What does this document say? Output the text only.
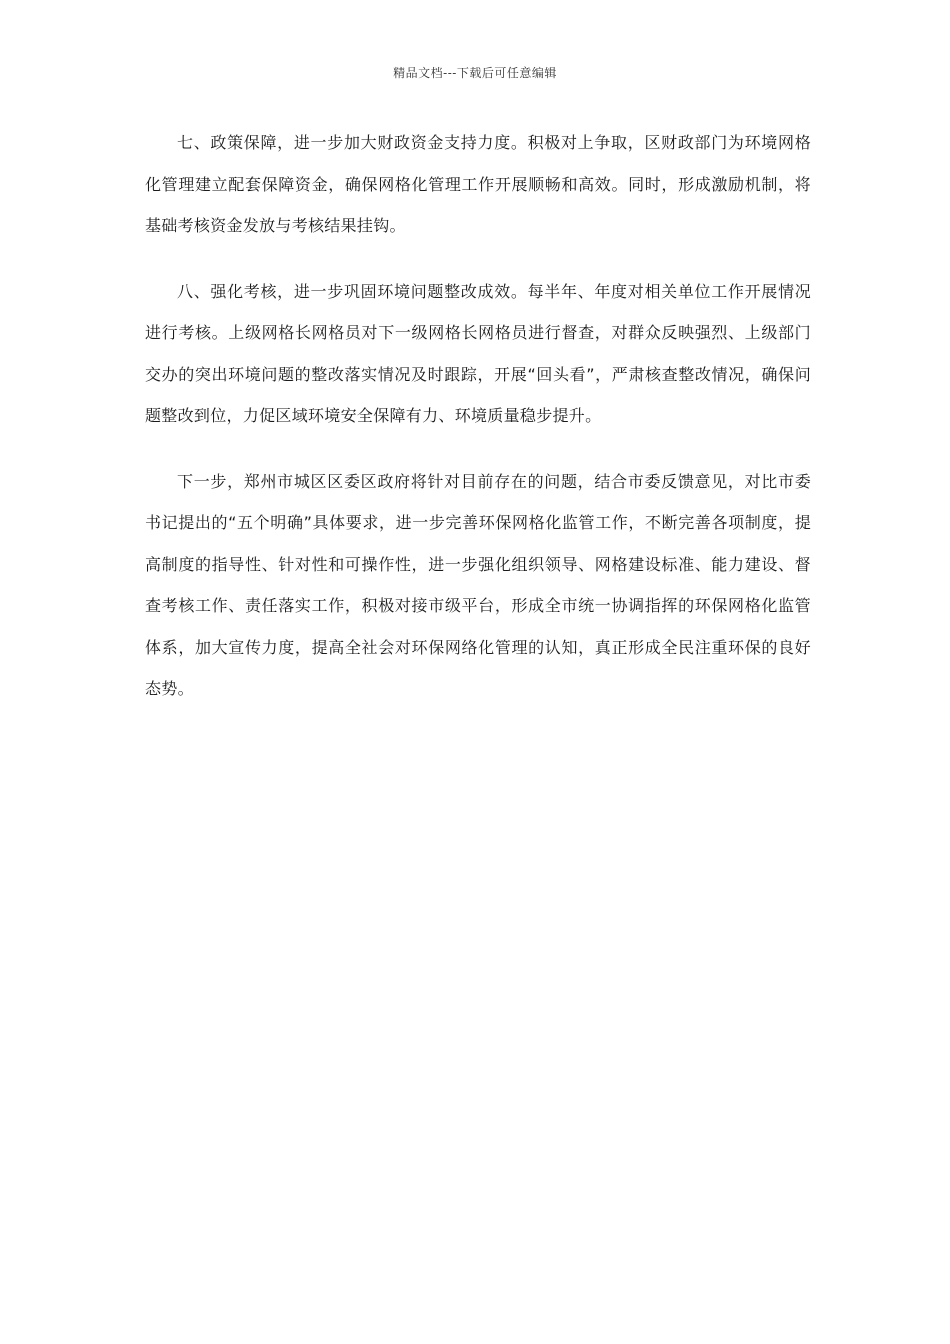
精品文档---下载后可任意编辑

七、政策保障，进一步加大财政资金支持力度。积极对上争取，区财政部门为环境网格化管理建立配套保障资金，确保网格化管理工作开展顺畅和高效。同时，形成激励机制，将基础考核资金发放与考核结果挂钩。

八、强化考核，进一步巩固环境问题整改成效。每半年、年度对相关单位工作开展情况进行考核。上级网格长网格员对下一级网格长网格员进行督查，对群众反映强烈、上级部门交办的突出环境问题的整改落实情况及时跟踪，开展“回头看”，严肃核查整改情况，确保问题整改到位，力促区域环境安全保障有力、环境质量稳步提升。

下一步，郑州市城区区委区政府将针对目前存在的问题，结合市委反馈意见，对比市委书记提出的“五个明确”具体要求，进一步完善环保网格化监管工作，不断完善各项制度，提高制度的指导性、针对性和可操作性，进一步强化组织领导、网格建设标准、能力建设、督查考核工作、责任落实工作，积极对接市级平台，形成全市统一协调指挥的环保网格化监管体系，加大宣传力度，提高全社会对环保网络化管理的认知，真正形成全民注重环保的良好态势。
